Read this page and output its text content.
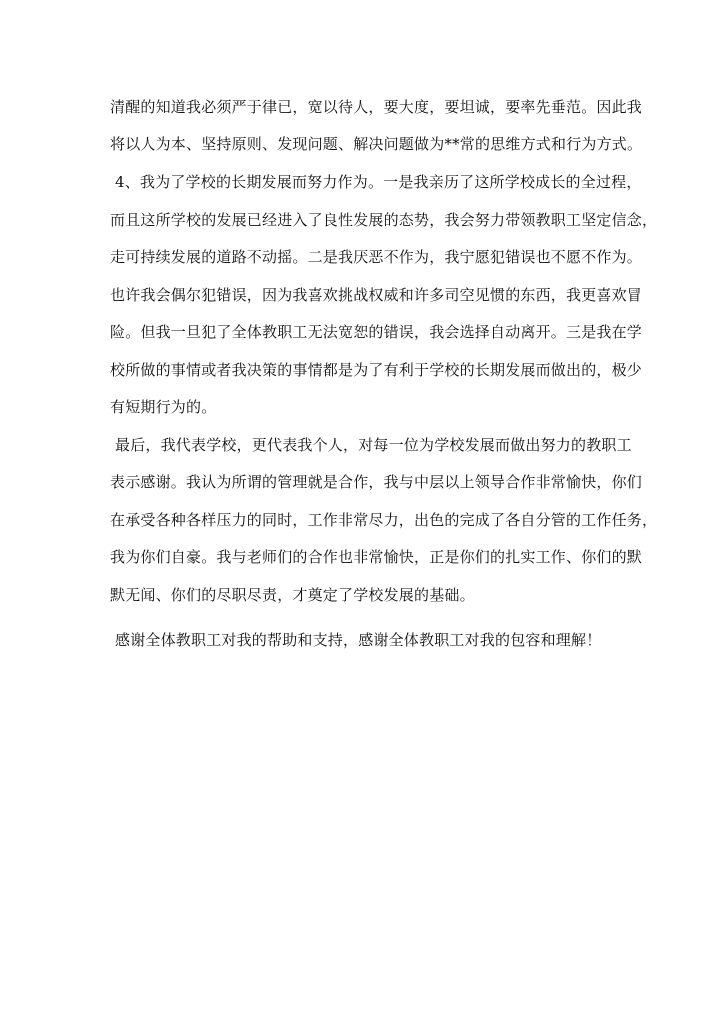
清醒的知道我必须严于律已，宽以待人，要大度，要坦诚，要率先垂范。因此我
将以人为本、坚持原则、发现问题、解决问题做为**常的思维方式和行为方式。
4、我为了学校的长期发展而努力作为。一是我亲历了这所学校成长的全过程，
而且这所学校的发展已经进入了良性发展的态势，我会努力带领教职工坚定信念，
走可持续发展的道路不动摇。二是我厌恶不作为，我宁愿犯错误也不愿不作为。
也许我会偶尔犯错误，因为我喜欢挑战权威和许多司空见惯的东西，我更喜欢冒
险。但我一旦犯了全体教职工无法宽恕的错误，我会选择自动离开。三是我在学
校所做的事情或者我决策的事情都是为了有利于学校的长期发展而做出的，极少
有短期行为的。
最后，我代表学校，更代表我个人，对每一位为学校发展而做出努力的教职工
表示感谢。我认为所谓的管理就是合作，我与中层以上领导合作非常愉快，你们
在承受各种各样压力的同时，工作非常尽力，出色的完成了各自分管的工作任务，
我为你们自豪。我与老师们的合作也非常愉快，正是你们的扎实工作、你们的默
默无闻、你们的尽职尽责，才奠定了学校发展的基础。
感谢全体教职工对我的帮助和支持，感谢全体教职工对我的包容和理解！
